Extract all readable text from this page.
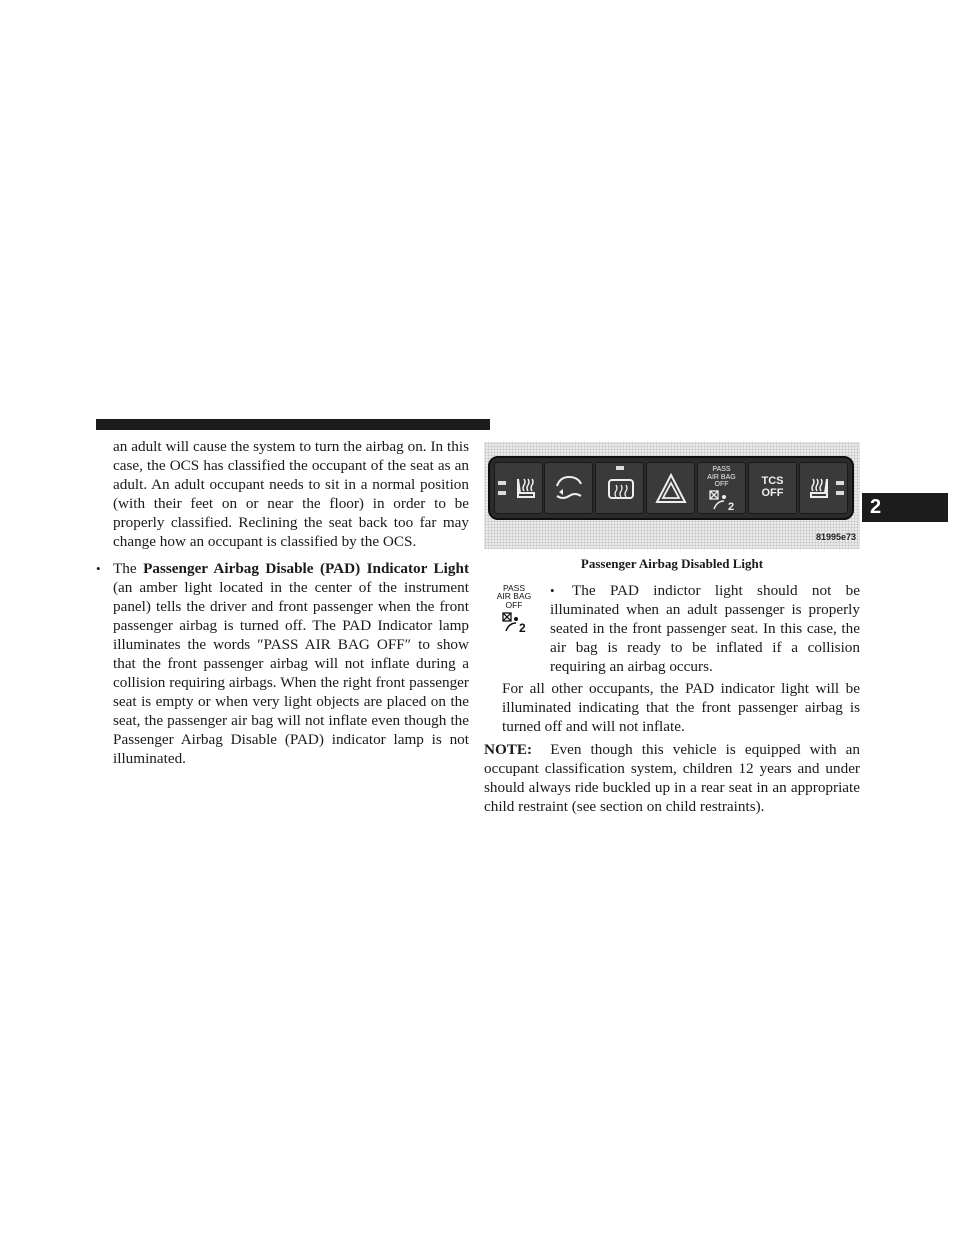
2

an adult will cause the system to turn the airbag on. In this case, the OCS has classified the occupant of the seat as an adult. An adult occupant needs to sit in a normal position (with their feet on or near the floor) in order to be properly classified. Reclining the seat back too far may change how an occupant is classified by the OCS.

• The Passenger Airbag Disable (PAD) Indicator Light (an amber light located in the center of the instrument panel) tells the driver and front passenger when the front passenger airbag is turned off. The PAD Indicator lamp illuminates the words ″PASS AIR BAG OFF″ to show that the front passenger airbag will not inflate during a collision requiring airbags. When the right front passenger seat is empty or when very light objects are placed on the seat, the passenger air bag will not inflate even though the Passenger Airbag Disable (PAD) indicator lamp is not illuminated.

PASS
AIR BAG
OFF
2
TCS
OFF
81995e73
Passenger Airbag Disabled Light
PASS
AIR BAG
OFF
2

• The PAD indictor light should not be illuminated when an adult passenger is properly seated in the front passenger seat. In this case, the air bag is ready to be inflated if a collision requiring an airbag occurs.

For all other occupants, the PAD indicator light will be illuminated indicating that the front passenger airbag is turned off and will not inflate.

NOTE: Even though this vehicle is equipped with an occupant classification system, children 12 years and under should always ride buckled up in a rear seat in an appropriate child restraint (see section on child restraints).
